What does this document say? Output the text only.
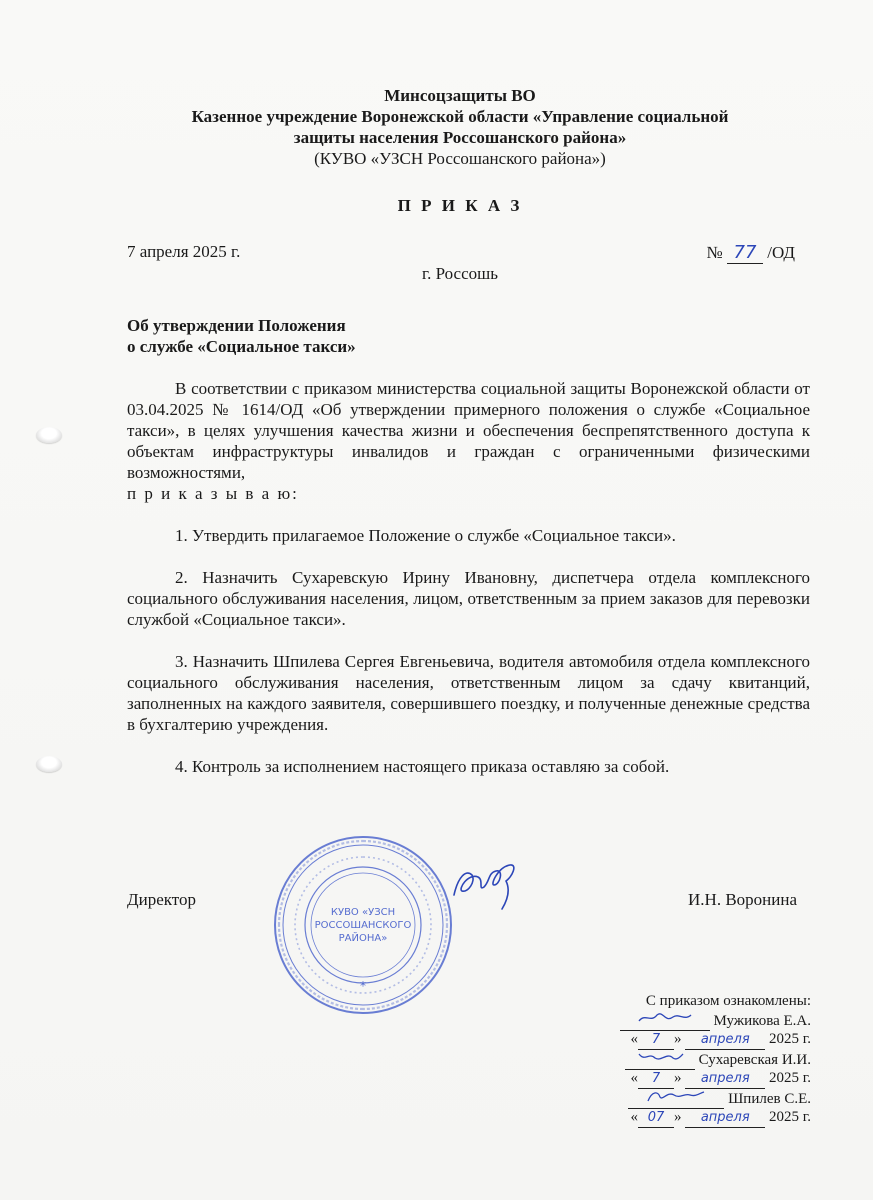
Минсоцзащиты ВО
Казенное учреждение Воронежской области «Управление социальной
защиты населения Россошанского района»
(КУВО «УЗСН Россошанского района»)
П Р И К А З
7 апреля 2025 г.	№ 77 /ОД
г. Россошь
Об утверждении Положения
о службе «Социальное такси»

В соответствии с приказом министерства социальной защиты Воронежской области от 03.04.2025 № 1614/ОД «Об утверждении примерного положения о службе «Социальное такси», в целях улучшения качества жизни и обеспечения беспрепятственного доступа к объектам инфраструктуры инвалидов и граждан с ограниченными физическими возможностями,

п р и к а з ы в а ю:

1. Утвердить прилагаемое Положение о службе «Социальное такси».

2. Назначить Сухаревскую Ирину Ивановну, диспетчера отдела комплексного социального обслуживания населения, лицом, ответственным за прием заказов для перевозки службой «Социальное такси».

3. Назначить Шпилева Сергея Евгеньевича, водителя автомобиля отдела комплексного социального обслуживания населения, ответственным лицом за сдачу квитанций, заполненных на каждого заявителя, совершившего поездку, и полученные денежные средства в бухгалтерию учреждения.

4. Контроль за исполнением настоящего приказа оставляю за собой.

КУВО «УЗСН
РОССОШАНСКОГО
РАЙОНА»
*
Директор	И.Н. Воронина
С приказом ознакомлены:
Мужикова Е.А.
« 7 » апреля 2025 г.
Сухаревская И.И.
« 7 » апреля 2025 г.
Шпилев С.Е.
« 07 » апреля 2025 г.
